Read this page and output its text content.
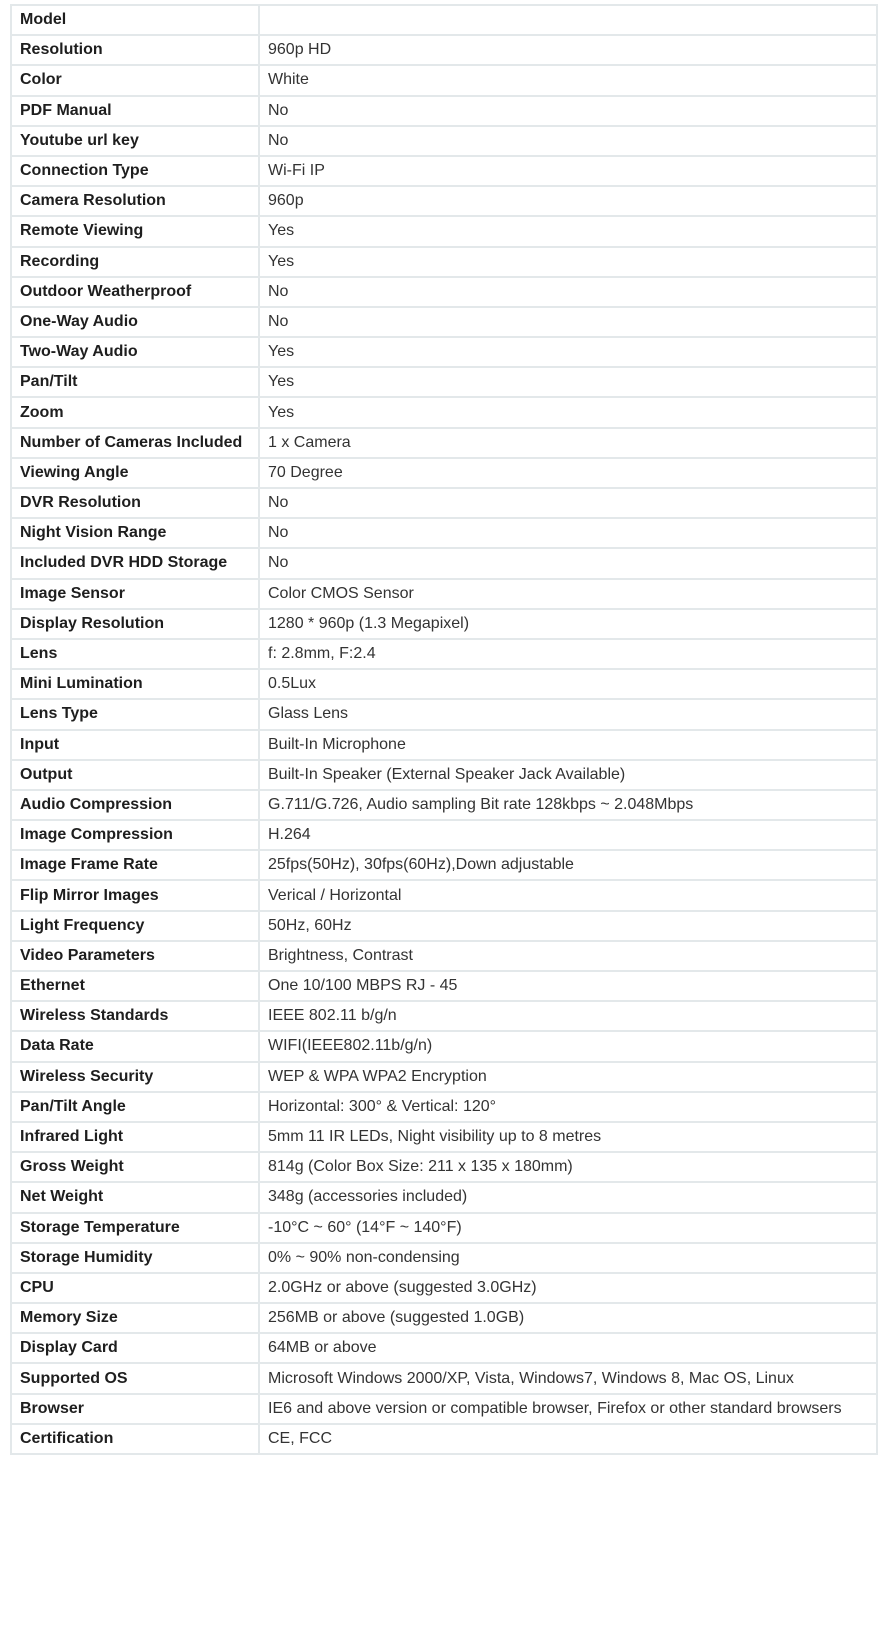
Model	
Resolution	960p HD
Color	White
PDF Manual	No
Youtube url key	No
Connection Type	Wi-Fi IP
Camera Resolution	960p
Remote Viewing	Yes
Recording	Yes
Outdoor Weatherproof	No
One-Way Audio	No
Two-Way Audio	Yes
Pan/Tilt	Yes
Zoom	Yes
Number of Cameras Included	1 x Camera
Viewing Angle	70 Degree
DVR Resolution	No
Night Vision Range	No
Included DVR HDD Storage	No
Image Sensor	Color CMOS Sensor
Display Resolution	1280 * 960p (1.3 Megapixel)
Lens	f: 2.8mm, F:2.4
Mini Lumination	0.5Lux
Lens Type	Glass Lens
Input	Built-In Microphone
Output	Built-In Speaker (External Speaker Jack Available)
Audio Compression	G.711/G.726, Audio sampling Bit rate 128kbps ~ 2.048Mbps
Image Compression	H.264
Image Frame Rate	25fps(50Hz), 30fps(60Hz),Down adjustable
Flip Mirror Images	Verical / Horizontal
Light Frequency	50Hz, 60Hz
Video Parameters	Brightness, Contrast
Ethernet	One 10/100 MBPS RJ - 45
Wireless Standards	IEEE 802.11 b/g/n
Data Rate	WIFI(IEEE802.11b/g/n)
Wireless Security	WEP & WPA WPA2 Encryption
Pan/Tilt Angle	Horizontal: 300° & Vertical: 120°
Infrared Light	5mm 11 IR LEDs, Night visibility up to 8 metres
Gross Weight	814g (Color Box Size: 211 x 135 x 180mm)
Net Weight	348g (accessories included)
Storage Temperature	-10°C ~ 60° (14°F ~ 140°F)
Storage Humidity	0% ~ 90% non-condensing
CPU	2.0GHz or above (suggested 3.0GHz)
Memory Size	256MB or above (suggested 1.0GB)
Display Card	64MB or above
Supported OS	Microsoft Windows 2000/XP, Vista, Windows7, Windows 8, Mac OS, Linux
Browser	IE6 and above version or compatible browser, Firefox or other standard browsers
Certification	CE, FCC
